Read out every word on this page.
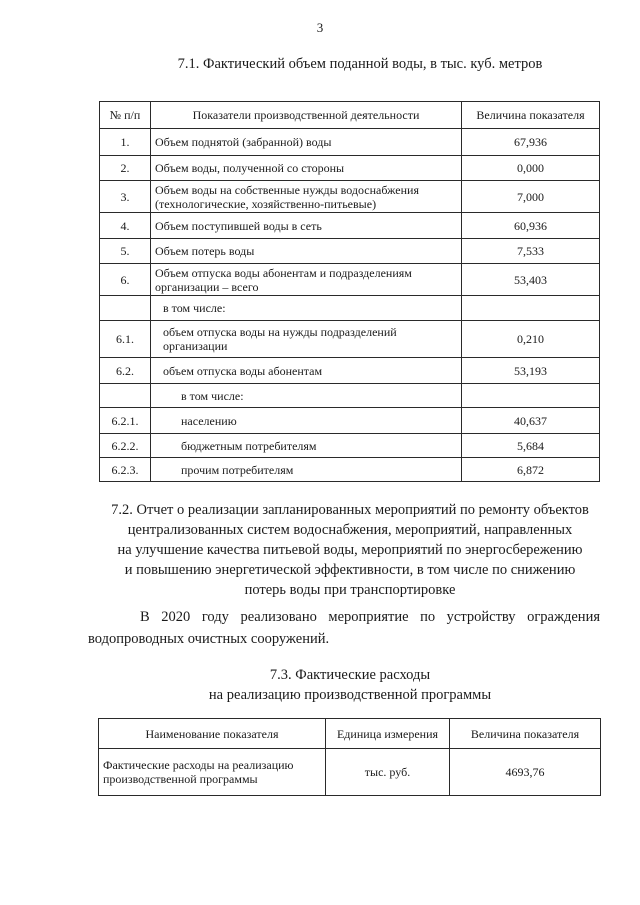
3
7.1. Фактический объем поданной воды, в тыс. куб. метров
№ п/п	Показатели производственной деятельности	Величина показателя
1.	Объем поднятой (забранной) воды	67,936
2.	Объем воды, полученной со стороны	0,000
3.	Объем воды на собственные нужды водоснабжения (технологические, хозяйственно-питьевые)	7,000
4.	Объем поступившей воды в сеть	60,936
5.	Объем потерь воды	7,533
6.	Объем отпуска воды абонентам и подразделениям организации – всего	53,403
	в том числе:	
6.1.	объем отпуска воды на нужды подразделений организации	0,210
6.2.	объем отпуска воды абонентам	53,193
	в том числе:	
6.2.1.	населению	40,637
6.2.2.	бюджетным потребителям	5,684
6.2.3.	прочим потребителям	6,872
7.2. Отчет о реализации запланированных мероприятий по ремонту объектов
централизованных систем водоснабжения, мероприятий, направленных
на улучшение качества питьевой воды, мероприятий по энергосбережению
и повышению энергетической эффективности, в том числе по снижению
потерь воды при транспортировке
В 2020 году реализовано мероприятие по устройству ограждения водопроводных очистных сооружений.
7.3. Фактические расходы
на реализацию производственной программы
Наименование показателя	Единица измерения	Величина показателя
Фактические расходы на реализацию производственной программы	тыс. руб.	4693,76
